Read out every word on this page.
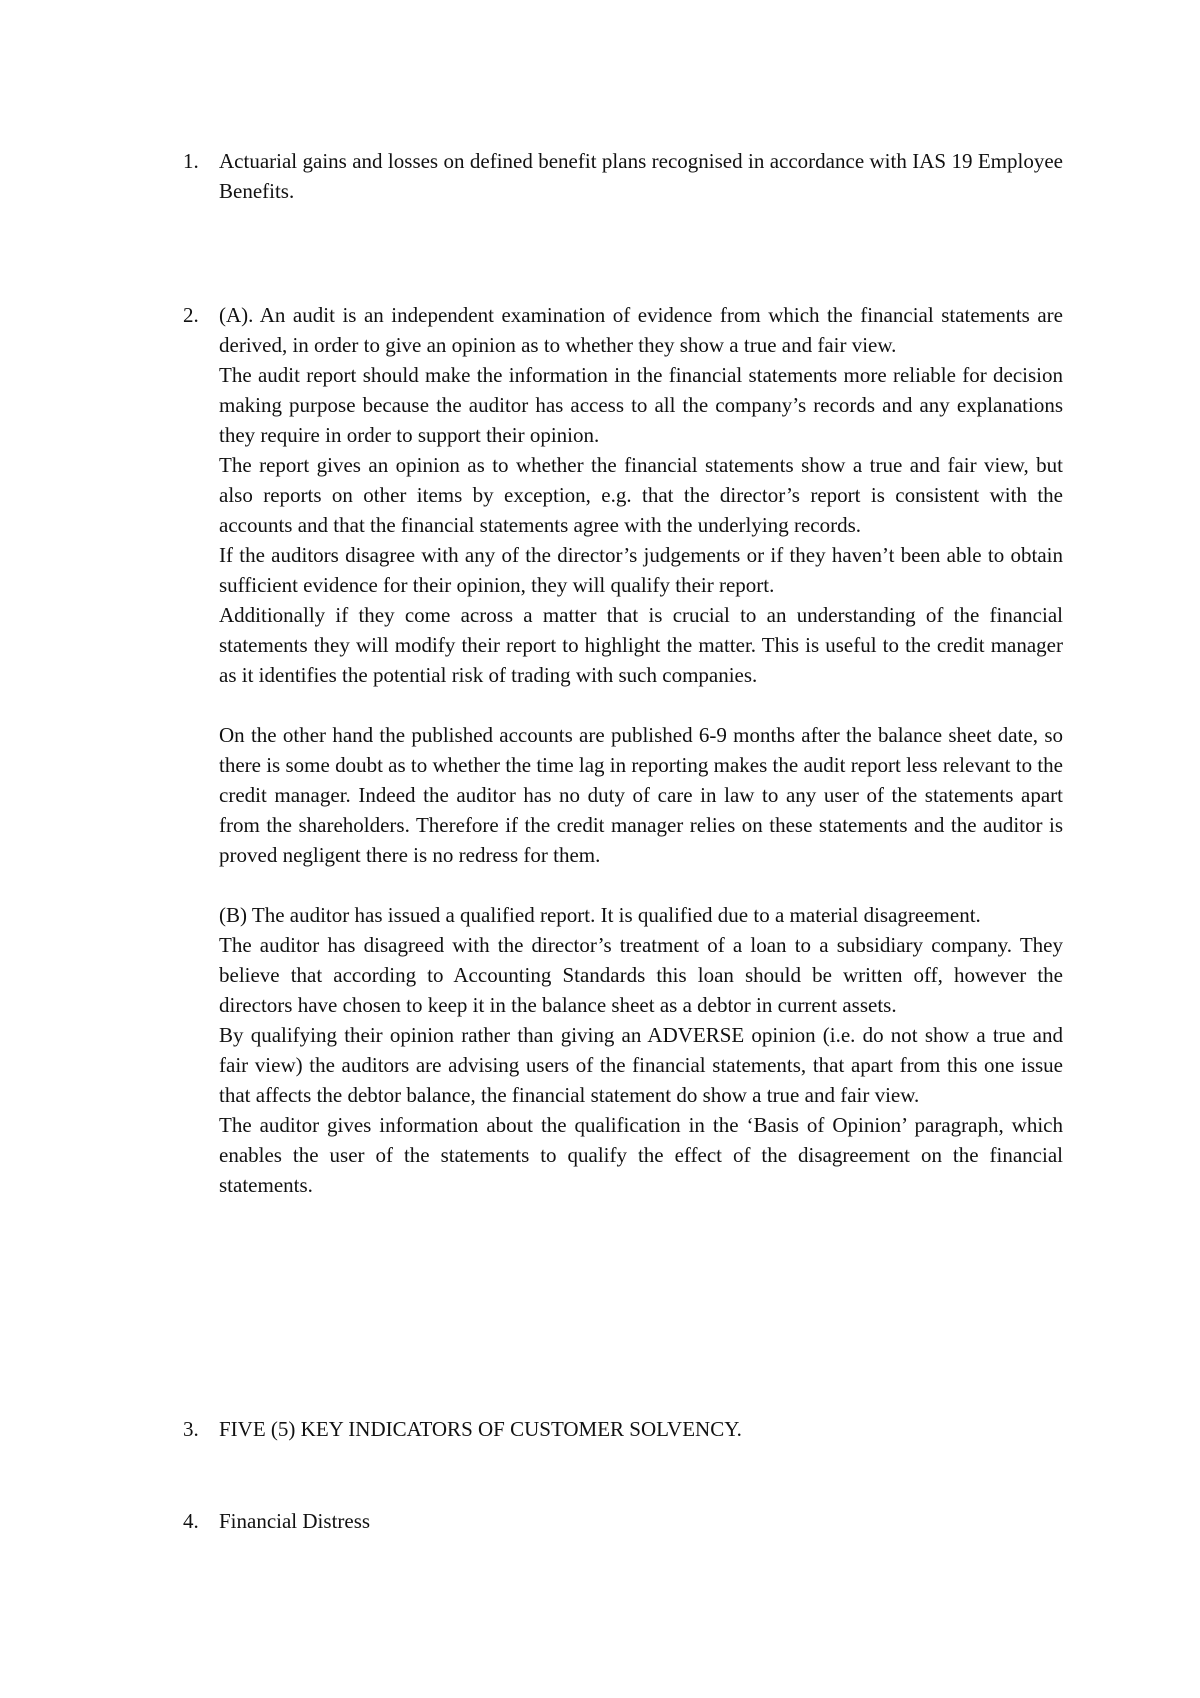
1. Actuarial gains and losses on defined benefit plans recognised in accordance with IAS 19 Employee Benefits.

2. (A). An audit is an independent examination of evidence from which the financial statements are derived, in order to give an opinion as to whether they show a true and fair view.

The audit report should make the information in the financial statements more reliable for decision making purpose because the auditor has access to all the company’s records and any explanations they require in order to support their opinion.

The report gives an opinion as to whether the financial statements show a true and fair view, but also reports on other items by exception, e.g. that the director’s report is consistent with the accounts and that the financial statements agree with the underlying records.

If the auditors disagree with any of the director’s judgements or if they haven’t been able to obtain sufficient evidence for their opinion, they will qualify their report.

Additionally if they come across a matter that is crucial to an understanding of the financial statements they will modify their report to highlight the matter. This is useful to the credit manager as it identifies the potential risk of trading with such companies.

On the other hand the published accounts are published 6-9 months after the balance sheet date, so there is some doubt as to whether the time lag in reporting makes the audit report less relevant to the credit manager. Indeed the auditor has no duty of care in law to any user of the statements apart from the shareholders. Therefore if the credit manager relies on these statements and the auditor is proved negligent there is no redress for them.

(B) The auditor has issued a qualified report. It is qualified due to a material disagreement.

The auditor has disagreed with the director’s treatment of a loan to a subsidiary company. They believe that according to Accounting Standards this loan should be written off, however the directors have chosen to keep it in the balance sheet as a debtor in current assets.

By qualifying their opinion rather than giving an ADVERSE opinion (i.e. do not show a true and fair view) the auditors are advising users of the financial statements, that apart from this one issue that affects the debtor balance, the financial statement do show a true and fair view.

The auditor gives information about the qualification in the ‘Basis of Opinion’ paragraph, which enables the user of the statements to qualify the effect of the disagreement on the financial statements.

3. FIVE (5) KEY INDICATORS OF CUSTOMER SOLVENCY.

4. Financial Distress
